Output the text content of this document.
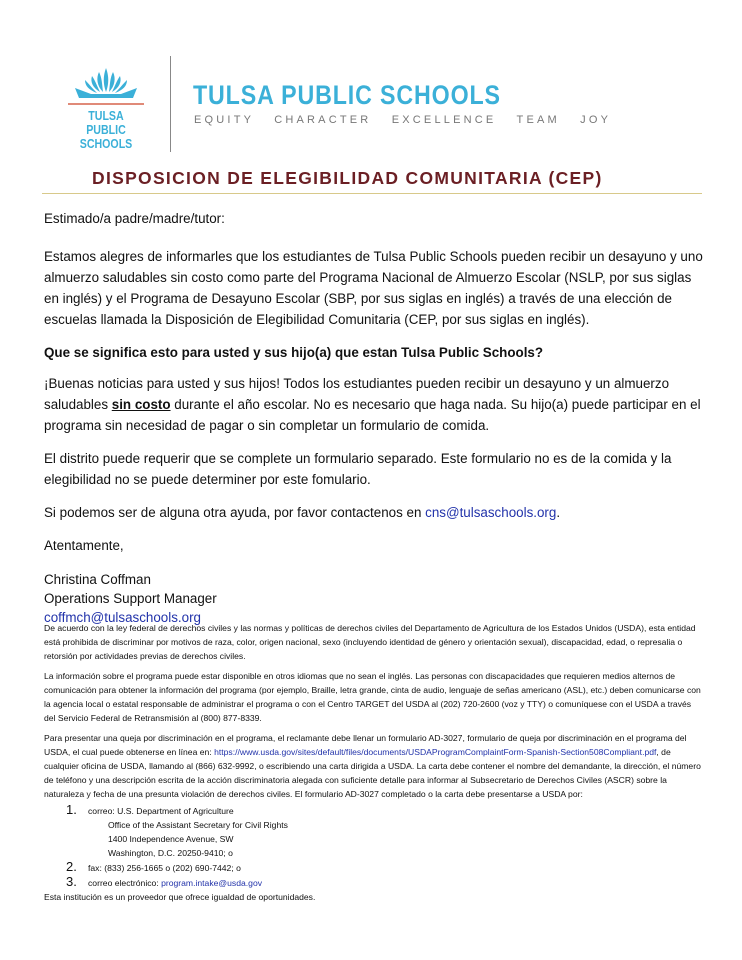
TULSA PUBLIC
SCHOOLS
TULSA PUBLIC SCHOOLS
EQUITY CHARACTER EXCELLENCE TEAM JOY
DISPOSICION DE ELEGIBILIDAD COMUNITARIA (CEP)

Estimado/a padre/madre/tutor:

Estamos alegres de informarles que los estudiantes de Tulsa Public Schools pueden recibir un desayuno y uno almuerzo saludables sin costo como parte del Programa Nacional de Almuerzo Escolar (NSLP, por sus siglas en inglés) y el Programa de Desayuno Escolar (SBP, por sus siglas en inglés) a través de una elección de escuelas llamada la Disposición de Elegibilidad Comunitaria (CEP, por sus siglas en inglés).

Que se significa esto para usted y sus hijo(a) que estan Tulsa Public Schools?

¡Buenas noticias para usted y sus hijos! Todos los estudiantes pueden recibir un desayuno y un almuerzo saludables sin costo durante el año escolar. No es necesario que haga nada. Su hijo(a) puede participar en el programa sin necesidad de pagar o sin completar un formulario de comida.

El distrito puede requerir que se complete un formulario separado. Este formulario no es de la comida y la elegibilidad no se puede determiner por este fomulario.

Si podemos ser de alguna otra ayuda, por favor contactenos en cns@tulsaschools.org.

Atentamente,

Christina Coffman
Operations Support Manager
coffmch@tulsaschools.org

De acuerdo con la ley federal de derechos civiles y las normas y políticas de derechos civiles del Departamento de Agricultura de los Estados Unidos (USDA), esta entidad está prohibida de discriminar por motivos de raza, color, origen nacional, sexo (incluyendo identidad de género y orientación sexual), discapacidad, edad, o represalia o retorsión por actividades previas de derechos civiles.

La información sobre el programa puede estar disponible en otros idiomas que no sean el inglés. Las personas con discapacidades que requieren medios alternos de comunicación para obtener la información del programa (por ejemplo, Braille, letra grande, cinta de audio, lenguaje de señas americano (ASL), etc.) deben comunicarse con la agencia local o estatal responsable de administrar el programa o con el Centro TARGET del USDA al (202) 720-2600 (voz y TTY) o comuníquese con el USDA a través del Servicio Federal de Retransmisión al (800) 877-8339.

Para presentar una queja por discriminación en el programa, el reclamante debe llenar un formulario AD-3027, formulario de queja por discriminación en el programa del USDA, el cual puede obtenerse en línea en: https://www.usda.gov/sites/default/files/documents/USDAProgramComplaintForm-Spanish-Section508Compliant.pdf, de cualquier oficina de USDA, llamando al (866) 632-9992, o escribiendo una carta dirigida a USDA. La carta debe contener el nombre del demandante, la dirección, el número de teléfono y una descripción escrita de la acción discriminatoria alegada con suficiente detalle para informar al Subsecretario de Derechos Civiles (ASCR) sobre la naturaleza y fecha de una presunta violación de derechos civiles. El formulario AD-3027 completado o la carta debe presentarse a USDA por:

1. correo: U.S. Department of Agriculture
Office of the Assistant Secretary for Civil Rights
1400 Independence Avenue, SW
Washington, D.C. 20250-9410; o
2. fax: (833) 256-1665 o (202) 690-7442; o
3. correo electrónico: program.intake@usda.gov
Esta institución es un proveedor que ofrece igualdad de oportunidades.
